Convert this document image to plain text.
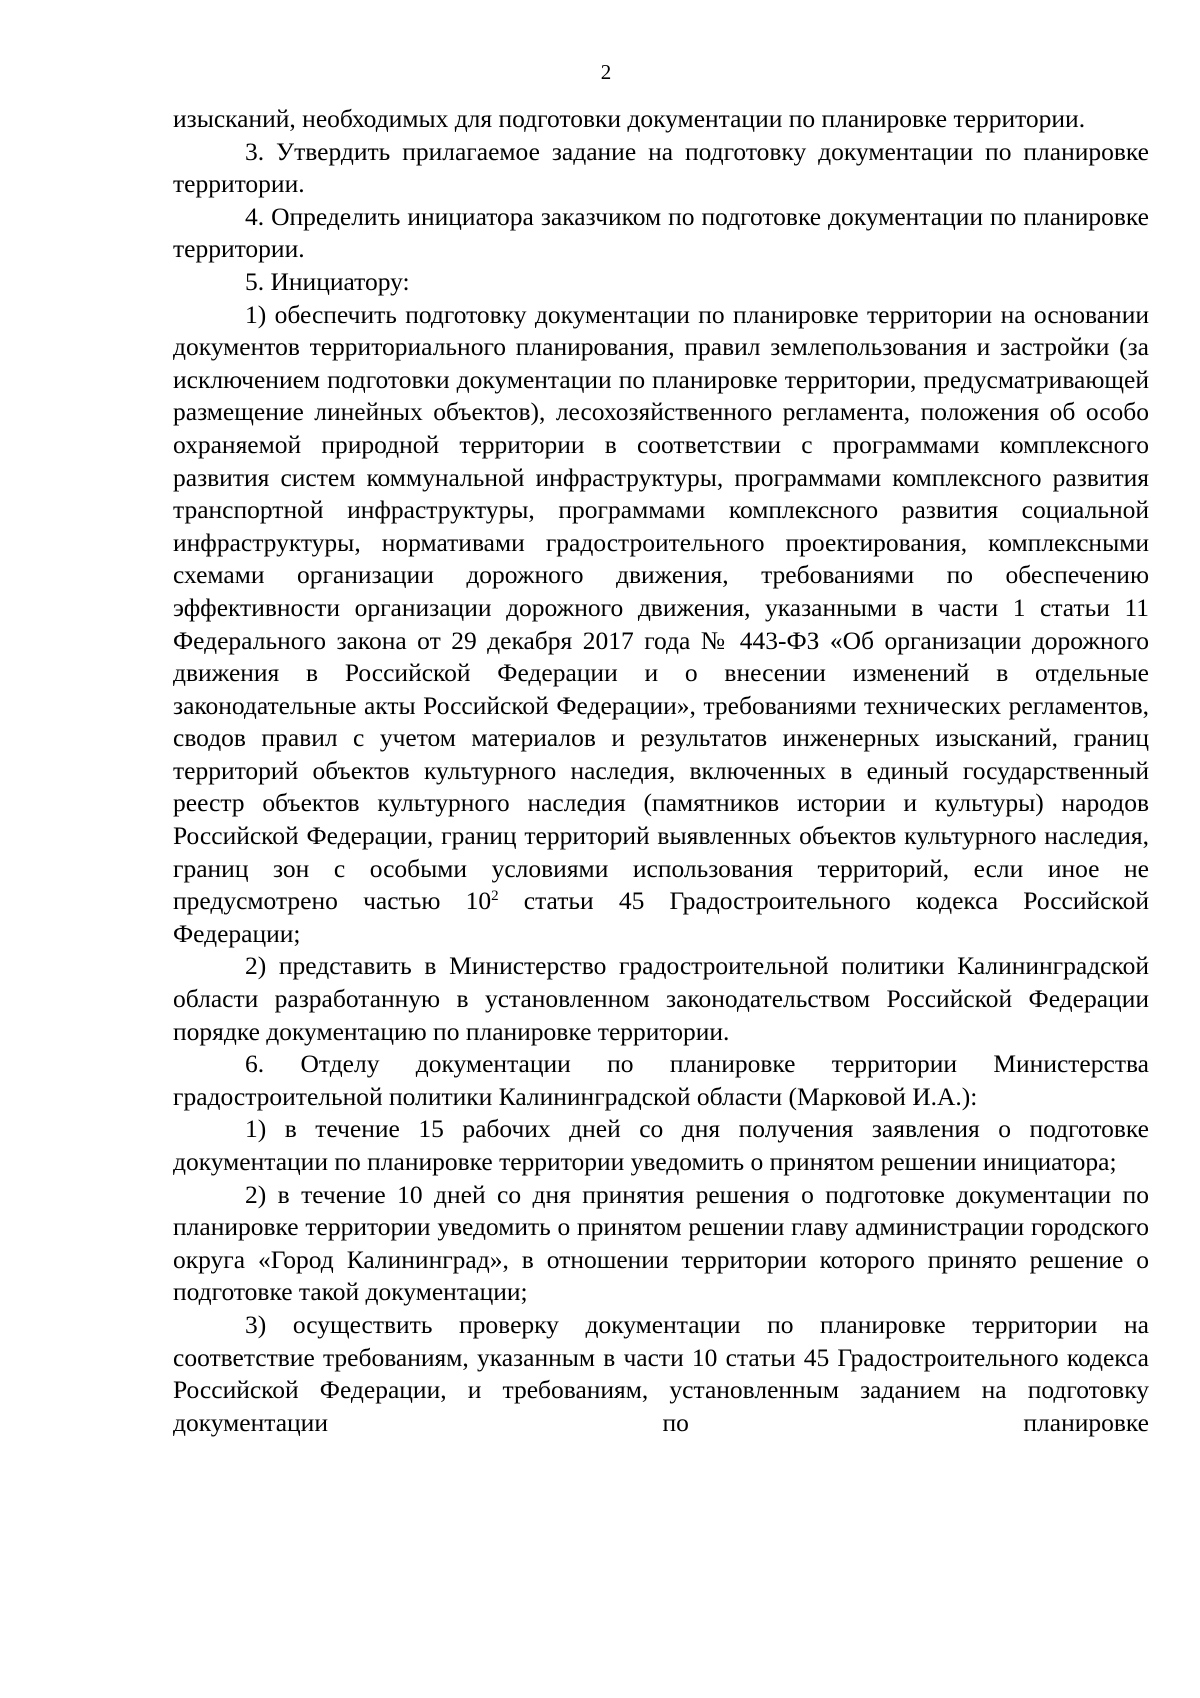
2

изысканий, необходимых для подготовки документации по планировке территории.

3. Утвердить прилагаемое задание на подготовку документации по планировке территории.

4. Определить инициатора заказчиком по подготовке документации по планировке территории.

5. Инициатору:

1) обеспечить подготовку документации по планировке территории на основании документов территориального планирования, правил землепользования и застройки (за исключением подготовки документации по планировке территории, предусматривающей размещение линейных объектов), лесохозяйственного регламента, положения об особо охраняемой природной территории в соответствии с программами комплексного развития систем коммунальной инфраструктуры, программами комплексного развития транспортной инфраструктуры, программами комплексного развития социальной инфраструктуры, нормативами градостроительного проектирования, комплексными схемами организации дорожного движения, требованиями по обеспечению эффективности организации дорожного движения, указанными в части 1 статьи 11 Федерального закона от 29 декабря 2017 года № 443-ФЗ «Об организации дорожного движения в Российской Федерации и о внесении изменений в отдельные законодательные акты Российской Федерации», требованиями технических регламентов, сводов правил с учетом материалов и результатов инженерных изысканий, границ территорий объектов культурного наследия, включенных в единый государственный реестр объектов культурного наследия (памятников истории и культуры) народов Российской Федерации, границ территорий выявленных объектов культурного наследия, границ зон с особыми условиями использования территорий, если иное не предусмотрено частью $10^2$ статьи 45 Градостроительного кодекса Российской Федерации;

2) представить в Министерство градостроительной политики Калининградской области разработанную в установленном законодательством Российской Федерации порядке документацию по планировке территории.

6. Отделу документации по планировке территории Министерства градостроительной политики Калининградской области (Марковой И.А.):

1) в течение 15 рабочих дней со дня получения заявления о подготовке документации по планировке территории уведомить о принятом решении инициатора;

2) в течение 10 дней со дня принятия решения о подготовке документации по планировке территории уведомить о принятом решении главу администрации городского округа «Город Калининград», в отношении территории которого принято решение о подготовке такой документации;

3) осуществить проверку документации по планировке территории на соответствие требованиям, указанным в части 10 статьи 45 Градостроительного кодекса Российской Федерации, и требованиям, установленным заданием на подготовку документации по планировке
